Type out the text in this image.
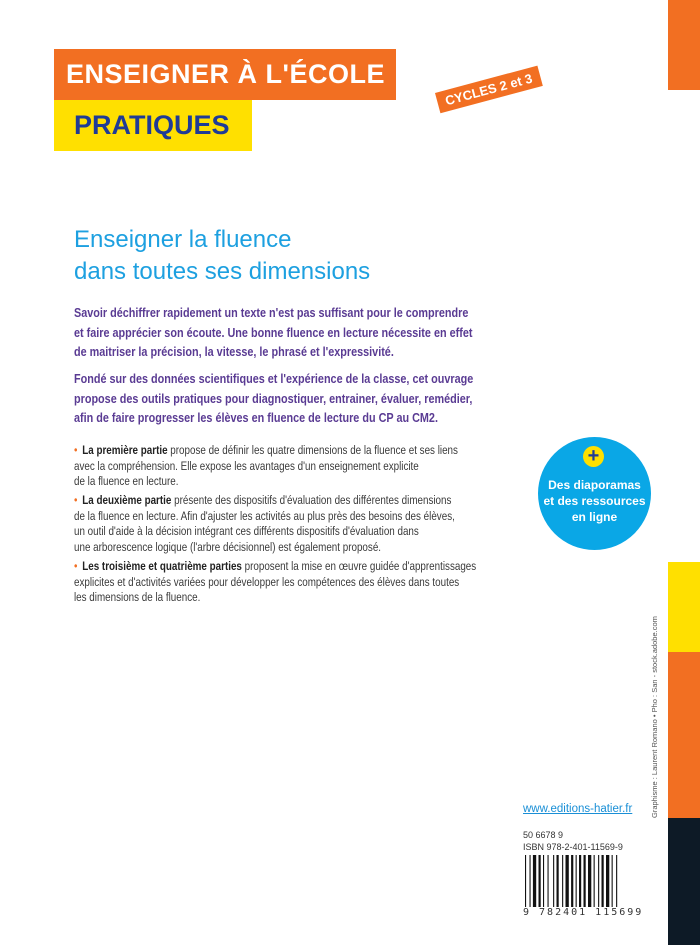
ENSEIGNER À L'ÉCOLE
PRATIQUES
CYCLES 2 et 3
Enseigner la fluence
dans toutes ses dimensions
Savoir déchiffrer rapidement un texte n'est pas suffisant pour le comprendre
et faire apprécier son écoute. Une bonne fluence en lecture nécessite en effet
de maitriser la précision, la vitesse, le phrasé et l'expressivité.
Fondé sur des données scientifiques et l'expérience de la classe, cet ouvrage
propose des outils pratiques pour diagnostiquer, entrainer, évaluer, remédier,
afin de faire progresser les élèves en fluence de lecture du CP au CM2.
• La première partie propose de définir les quatre dimensions de la fluence et ses liens
avec la compréhension. Elle expose les avantages d'un enseignement explicite
de la fluence en lecture.
• La deuxième partie présente des dispositifs d'évaluation des différentes dimensions
de la fluence en lecture. Afin d'ajuster les activités au plus près des besoins des élèves,
un outil d'aide à la décision intégrant ces différents dispositifs d'évaluation dans
une arborescence logique (l'arbre décisionnel) est également proposé.
• Les troisième et quatrième parties proposent la mise en œuvre guidée d'apprentissages
explicites et d'activités variées pour développer les compétences des élèves dans toutes
les dimensions de la fluence.
+
Des diaporamas
et des ressources
en ligne
Graphisme : Laurent Romano • Pho : San - stock.adobe.com
www.editions-hatier.fr
50 6678 9
ISBN 978-2-401-11569-9
9 782401 115699
